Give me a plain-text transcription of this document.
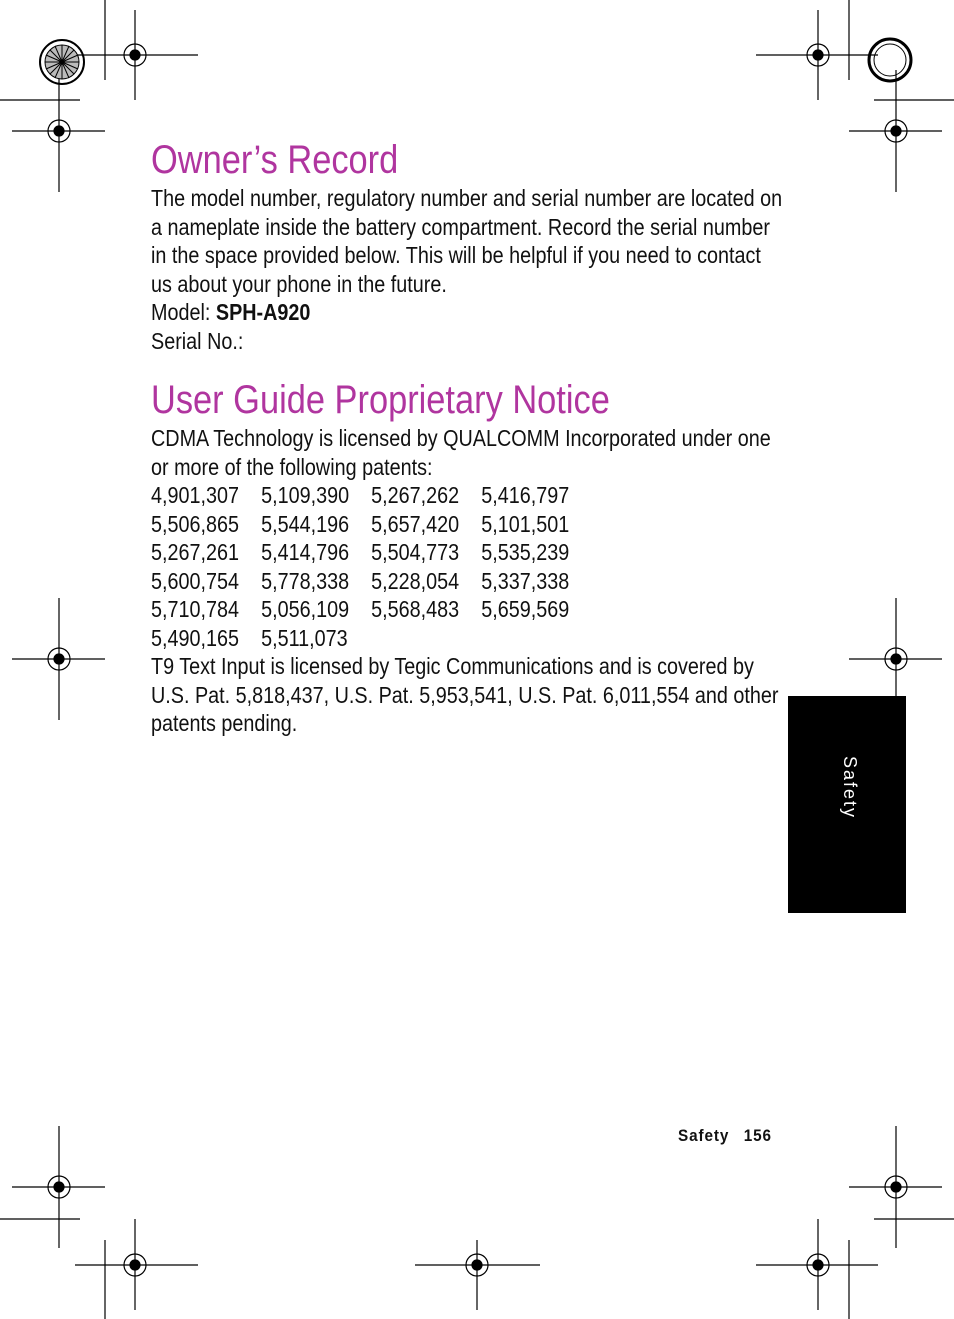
Owner’s Record

The model number, regulatory number and serial number are located on a nameplate inside the battery compartment. Record the serial number in the space provided below. This will be helpful if you need to contact us about your phone in the future.

Model: SPH-A920

Serial No.:

User Guide Proprietary Notice

CDMA Technology is licensed by QUALCOMM Incorporated under one or more of the following patents:

4,901,307 5,109,390 5,267,262 5,416,797
5,506,865 5,544,196 5,657,420 5,101,501
5,267,261 5,414,796 5,504,773 5,535,239
5,600,754 5,778,338 5,228,054 5,337,338
5,710,784 5,056,109 5,568,483 5,659,569
5,490,165 5,511,073

T9 Text Input is licensed by Tegic Communications and is covered by U.S. Pat. 5,818,437, U.S. Pat. 5,953,541, U.S. Pat. 6,011,554 and other patents pending.

Safety
Safety 156
